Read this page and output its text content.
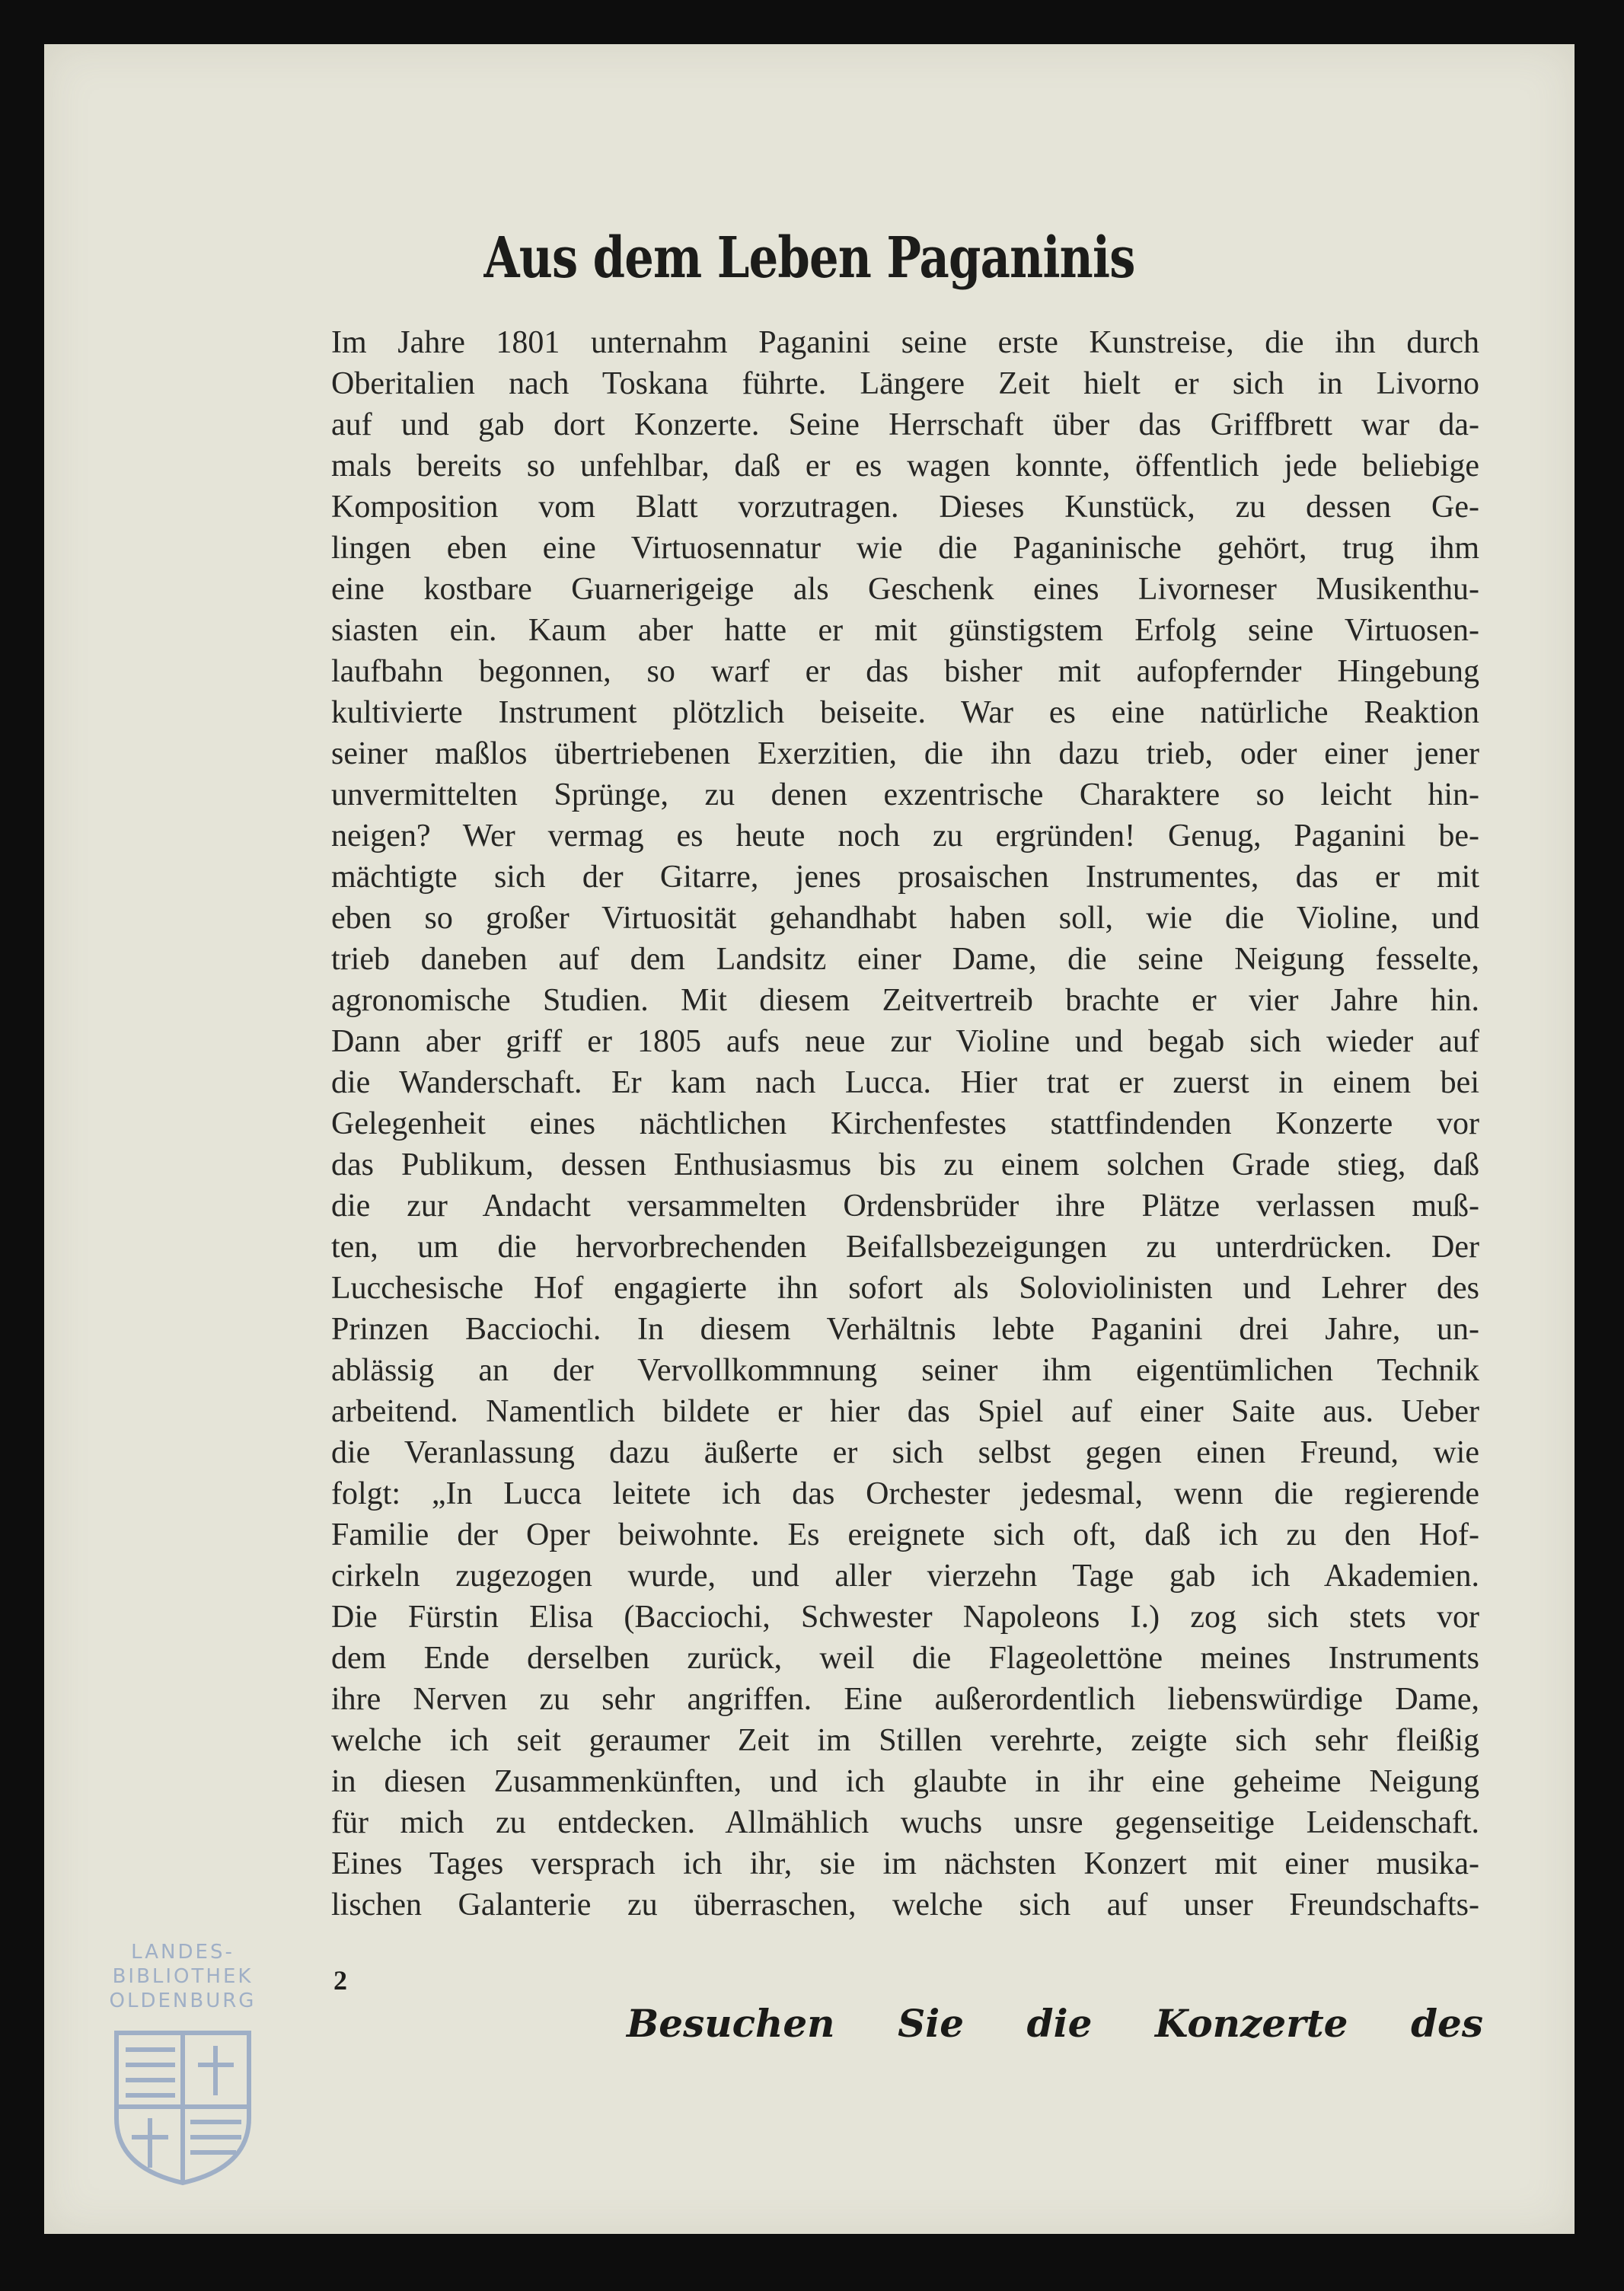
Aus dem Leben Paganinis
Im Jahre 1801 unternahm Paganini seine erste Kunstreise, die ihn durch
Oberitalien nach Toskana führte. Längere Zeit hielt er sich in Livorno
auf und gab dort Konzerte. Seine Herrschaft über das Griffbrett war da-
mals bereits so unfehlbar, daß er es wagen konnte, öffentlich jede beliebige
Komposition vom Blatt vorzutragen. Dieses Kunstück, zu dessen Ge-
lingen eben eine Virtuosennatur wie die Paganinische gehört, trug ihm
eine kostbare Guarnerigeige als Geschenk eines Livorneser Musikenthu-
siasten ein. Kaum aber hatte er mit günstigstem Erfolg seine Virtuosen-
laufbahn begonnen, so warf er das bisher mit aufopfernder Hingebung
kultivierte Instrument plötzlich beiseite. War es eine natürliche Reaktion
seiner maßlos übertriebenen Exerzitien, die ihn dazu trieb, oder einer jener
unvermittelten Sprünge, zu denen exzentrische Charaktere so leicht hin-
neigen? Wer vermag es heute noch zu ergründen! Genug, Paganini be-
mächtigte sich der Gitarre, jenes prosaischen Instrumentes, das er mit
eben so großer Virtuosität gehandhabt haben soll, wie die Violine, und
trieb daneben auf dem Landsitz einer Dame, die seine Neigung fesselte,
agronomische Studien. Mit diesem Zeitvertreib brachte er vier Jahre hin.
Dann aber griff er 1805 aufs neue zur Violine und begab sich wieder auf
die Wanderschaft. Er kam nach Lucca. Hier trat er zuerst in einem bei
Gelegenheit eines nächtlichen Kirchenfestes stattfindenden Konzerte vor
das Publikum, dessen Enthusiasmus bis zu einem solchen Grade stieg, daß
die zur Andacht versammelten Ordensbrüder ihre Plätze verlassen muß-
ten, um die hervorbrechenden Beifallsbezeigungen zu unterdrücken. Der
Lucchesische Hof engagierte ihn sofort als Soloviolinisten und Lehrer des
Prinzen Bacciochi. In diesem Verhältnis lebte Paganini drei Jahre, un-
ablässig an der Vervollkommnung seiner ihm eigentümlichen Technik
arbeitend. Namentlich bildete er hier das Spiel auf einer Saite aus. Ueber
die Veranlassung dazu äußerte er sich selbst gegen einen Freund, wie
folgt: „In Lucca leitete ich das Orchester jedesmal, wenn die regierende
Familie der Oper beiwohnte. Es ereignete sich oft, daß ich zu den Hof-
cirkeln zugezogen wurde, und aller vierzehn Tage gab ich Akademien.
Die Fürstin Elisa (Bacciochi, Schwester Napoleons I.) zog sich stets vor
dem Ende derselben zurück, weil die Flageolettöne meines Instruments
ihre Nerven zu sehr angriffen. Eine außerordentlich liebenswürdige Dame,
welche ich seit geraumer Zeit im Stillen verehrte, zeigte sich sehr fleißig
in diesen Zusammenkünften, und ich glaubte in ihr eine geheime Neigung
für mich zu entdecken. Allmählich wuchs unsre gegenseitige Leidenschaft.
Eines Tages versprach ich ihr, sie im nächsten Konzert mit einer musika-
lischen Galanterie zu überraschen, welche sich auf unser Freundschafts-
2
Besuchen Sie die Konzerte des
LANDES-
BIBLIOTHEK
OLDENBURG
